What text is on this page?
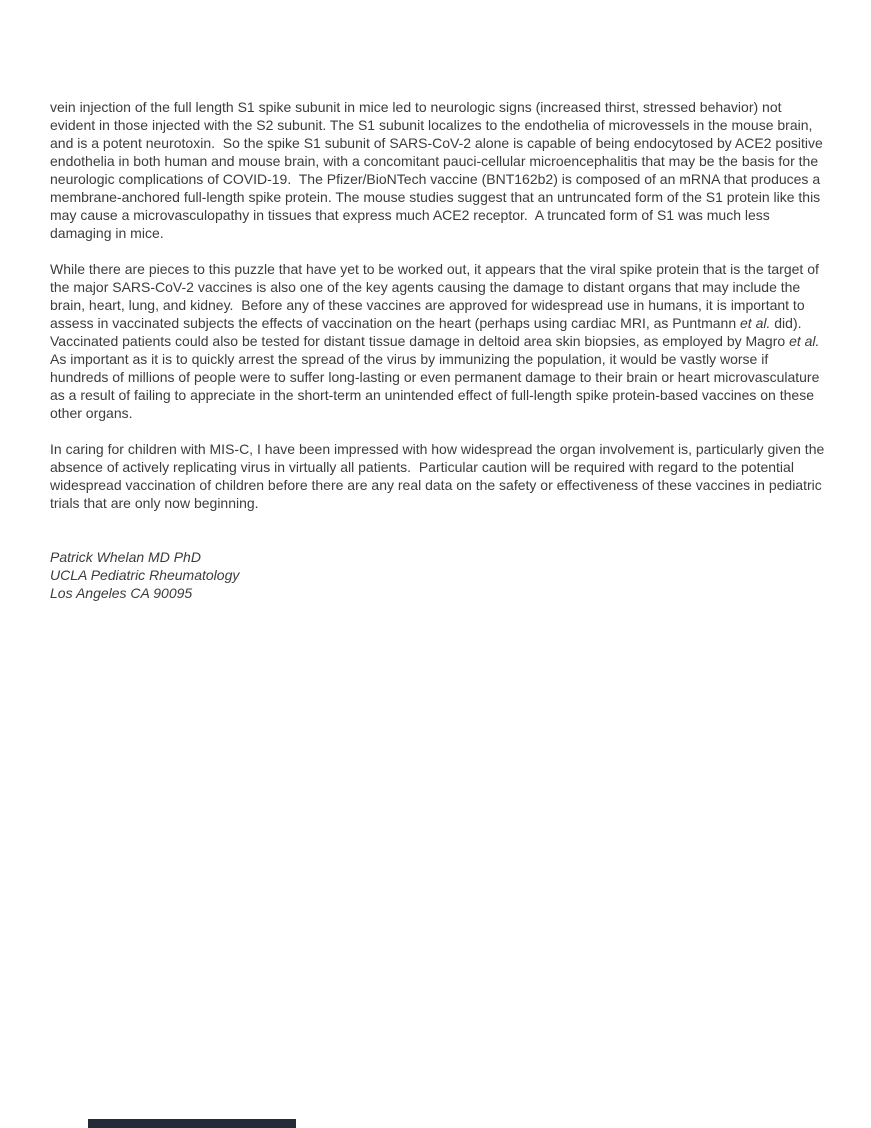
vein injection of the full length S1 spike subunit in mice led to neurologic signs (increased thirst, stressed behavior) not evident in those injected with the S2 subunit. The S1 subunit localizes to the endothelia of microvessels in the mouse brain, and is a potent neurotoxin.  So the spike S1 subunit of SARS-CoV-2 alone is capable of being endocytosed by ACE2 positive endothelia in both human and mouse brain, with a concomitant pauci-cellular microencephalitis that may be the basis for the neurologic complications of COVID-19.  The Pfizer/BioNTech vaccine (BNT162b2) is composed of an mRNA that produces a membrane-anchored full-length spike protein. The mouse studies suggest that an untruncated form of the S1 protein like this may cause a microvasculopathy in tissues that express much ACE2 receptor.  A truncated form of S1 was much less damaging in mice.

While there are pieces to this puzzle that have yet to be worked out, it appears that the viral spike protein that is the target of the major SARS-CoV-2 vaccines is also one of the key agents causing the damage to distant organs that may include the brain, heart, lung, and kidney.  Before any of these vaccines are approved for widespread use in humans, it is important to assess in vaccinated subjects the effects of vaccination on the heart (perhaps using cardiac MRI, as Puntmann et al. did).  Vaccinated patients could also be tested for distant tissue damage in deltoid area skin biopsies, as employed by Magro et al.  As important as it is to quickly arrest the spread of the virus by immunizing the population, it would be vastly worse if hundreds of millions of people were to suffer long-lasting or even permanent damage to their brain or heart microvasculature as a result of failing to appreciate in the short-term an unintended effect of full-length spike protein-based vaccines on these other organs.

In caring for children with MIS-C, I have been impressed with how widespread the organ involvement is, particularly given the absence of actively replicating virus in virtually all patients.  Particular caution will be required with regard to the potential widespread vaccination of children before there are any real data on the safety or effectiveness of these vaccines in pediatric trials that are only now beginning.

Patrick Whelan MD PhD
UCLA Pediatric Rheumatology
Los Angeles CA 90095
